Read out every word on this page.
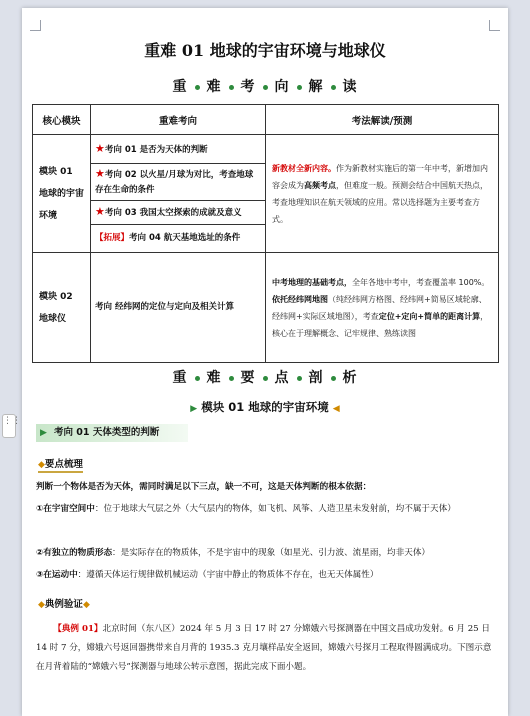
重难 01 地球的宇宙环境与地球仪
重 难 考 向 解 读
核心模块	重难考向	考法解读/预测
模块 01 地球的宇宙环境	★考向 01 是否为天体的判断	新教材全新内容。作为新教材实施后的第一年中考，新增加内容会成为高频考点，但难度一般。预测会结合中国航天热点，考查地理知识在航天领域的应用。常以选择题为主要考查方式。
	★考向 02 以火星/月球为对比，考查地球存在生命的条件	
	★考向 03 我国太空探索的成就及意义	
	【拓展】考向 04 航天基地选址的条件	
模块 02 地球仪	考向 经纬网的定位与定向及相关计算	中考地理的基础考点，全年各地中考中，考查覆盖率 100%。依托经纬网地图（纯经纬网方格图、经纬网+简易区域轮廓、经纬网+实际区域地图），考查定位+定向+简单的距离计算，核心在于理解概念、记牢规律、熟练读图
重 难 要 点 剖 析
▶ 模块 01 地球的宇宙环境 ◀
▶ 考向 01 天体类型的判断
◆要点梳理
判断一个物体是否为天体，需同时满足以下三点，缺一不可，这是天体判断的根本依据：
①在宇宙空间中：位于地球大气层之外（大气层内的物体，如飞机、风筝、人造卫星未发射前，均不属于天体）
②有独立的物质形态：是实际存在的物质体，不是宇宙中的现象（如星光、引力波、流星雨，均非天体）
③在运动中：遵循天体运行规律做机械运动（宇宙中静止的物质体不存在，也无天体属性）
◆典例验证◆
【典例 01】北京时间（东八区）2024 年 5 月 3 日 17 时 27 分嫦娥六号探测器在中国文昌成功发射。6 月 25 日 14 时 7 分，嫦娥六号返回器携带来自月背的 1935.3 克月壤样品安全返回，嫦娥六号探月工程取得圆满成功。下图示意在月背着陆的“嫦娥六号”探测器与地球公转示意图，据此完成下面小题。
⋮⋮
